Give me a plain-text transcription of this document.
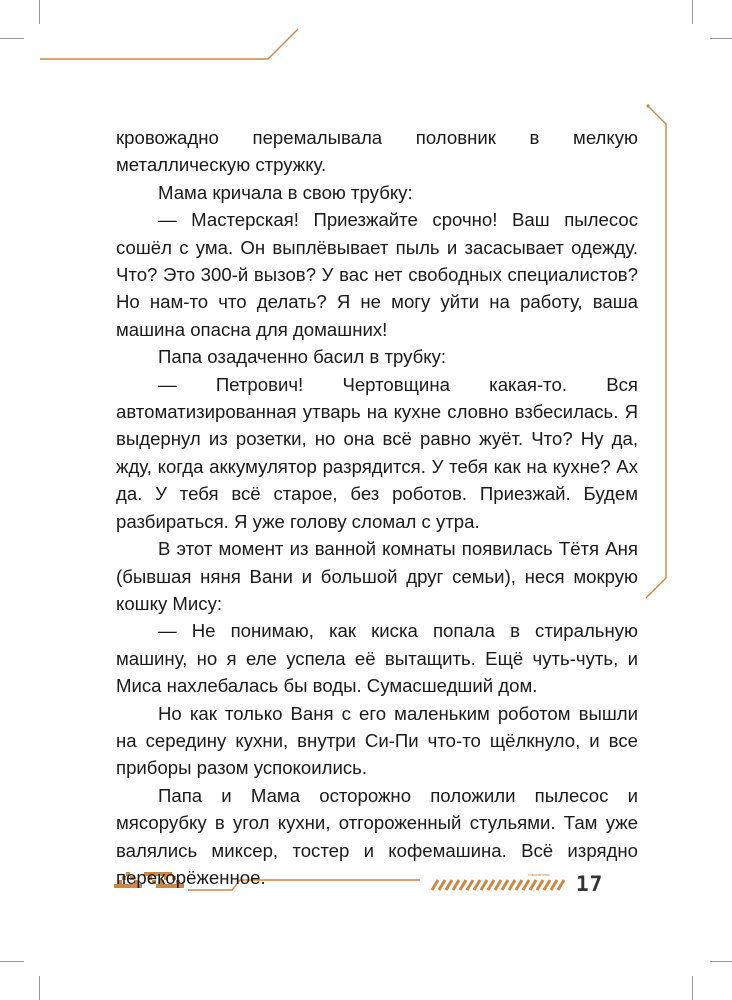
современная

кровожадно перемалывала половник в мелкую металлическую стружку.

Мама кричала в свою трубку:

— Мастерская! Приезжайте срочно! Ваш пылесос сошёл с ума. Он выплёвывает пыль и засасывает одежду. Что? Это 300-й вызов? У вас нет свободных специалистов? Но нам-то что делать? Я не могу уйти на работу, ваша машина опасна для домашних!

Папа озадаченно басил в трубку:

— Петрович! Чертовщина какая-то. Вся автоматизированная утварь на кухне словно взбесилась. Я выдернул из розетки, но она всё равно жуёт. Что? Ну да, жду, когда аккумулятор разрядится. У тебя как на кухне? Ах да. У тебя всё старое, без роботов. Приезжай. Будем разбираться. Я уже голову сломал с утра.

В этот момент из ванной комнаты появилась Тётя Аня (бывшая няня Вани и большой друг семьи), неся мокрую кошку Мису:

— Не понимаю, как киска попала в стиральную машину, но я еле успела её вытащить. Ещё чуть-чуть, и Миса нахлебалась бы воды. Сумасшедший дом.

Но как только Ваня с его маленьким роботом вышли на середину кухни, внутри Си-Пи что-то щёлкнуло, и все приборы разом успокоились.

Папа и Мама осторожно положили пылесос и мясорубку в угол кухни, отгороженный стульями. Там уже валялись миксер, тостер и кофемашина. Всё изрядно перекорёженное.	17
